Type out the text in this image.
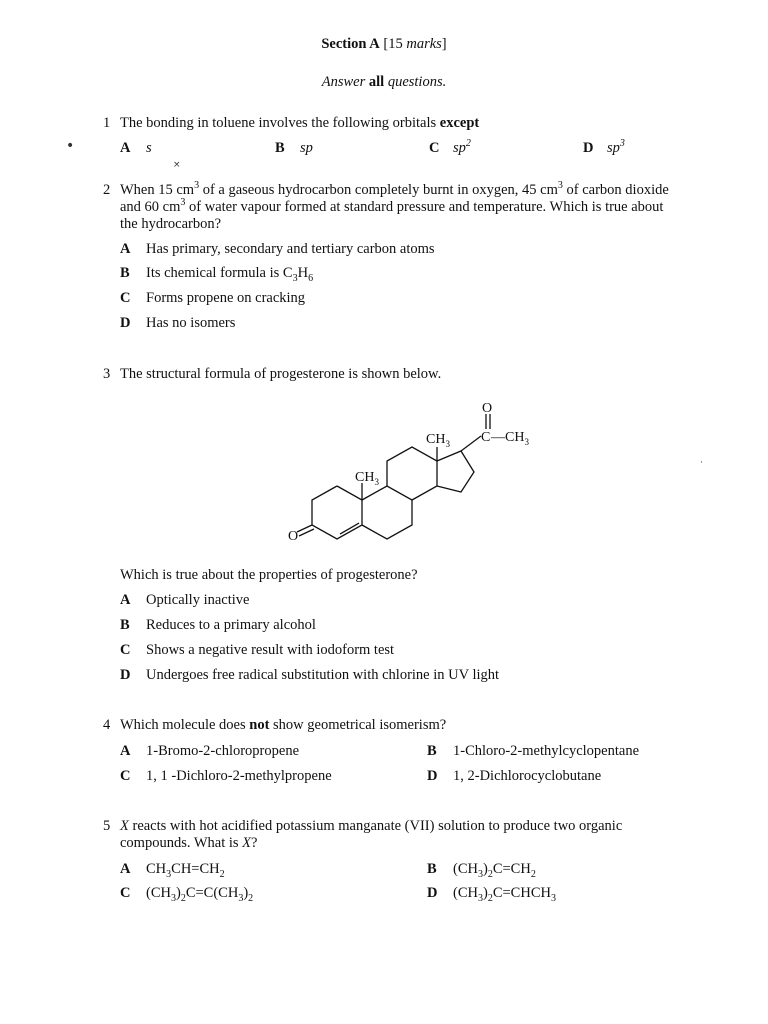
Section A [15 marks]
Answer all questions.
1 The bonding in toluene involves the following orbitals except
A s	B sp	C $sp^2$	D $sp^3$
•
×
·
2 When 15 $cm^3$ of a gaseous hydrocarbon completely burnt in oxygen, 45 $cm^3$ of carbon dioxide
and 60 $cm^3$ of water vapour formed at standard pressure and temperature. Which is true about
the hydrocarbon?
A Has primary, secondary and tertiary carbon atoms
B Its chemical formula is $C_3H_6$
C Forms propene on cracking
D Has no isomers
3 The structural formula of progesterone is shown below.
O
C $—CH_3$
$CH_3$
$CH_3$
O
Which is true about the properties of progesterone?
A Optically inactive
B Reduces to a primary alcohol
C Shows a negative result with iodoform test
D Undergoes free radical substitution with chlorine in UV light
4 Which molecule does not show geometrical isomerism?
A 1-Bromo-2-chloropropene	B 1-Chloro-2-methylcyclopentane
C 1, 1 -Dichloro-2-methylpropene	D 1, 2-Dichlorocyclobutane
5 X reacts with hot acidified potassium manganate (VII) solution to produce two organic
compounds. What is X?
A $CH_3CH=CH_2$	B $(CH_3)_2C=CH_2$
C $(CH_3)_2C=C(CH_3)_2$	D $(CH_3)_2C=CHCH_3$
